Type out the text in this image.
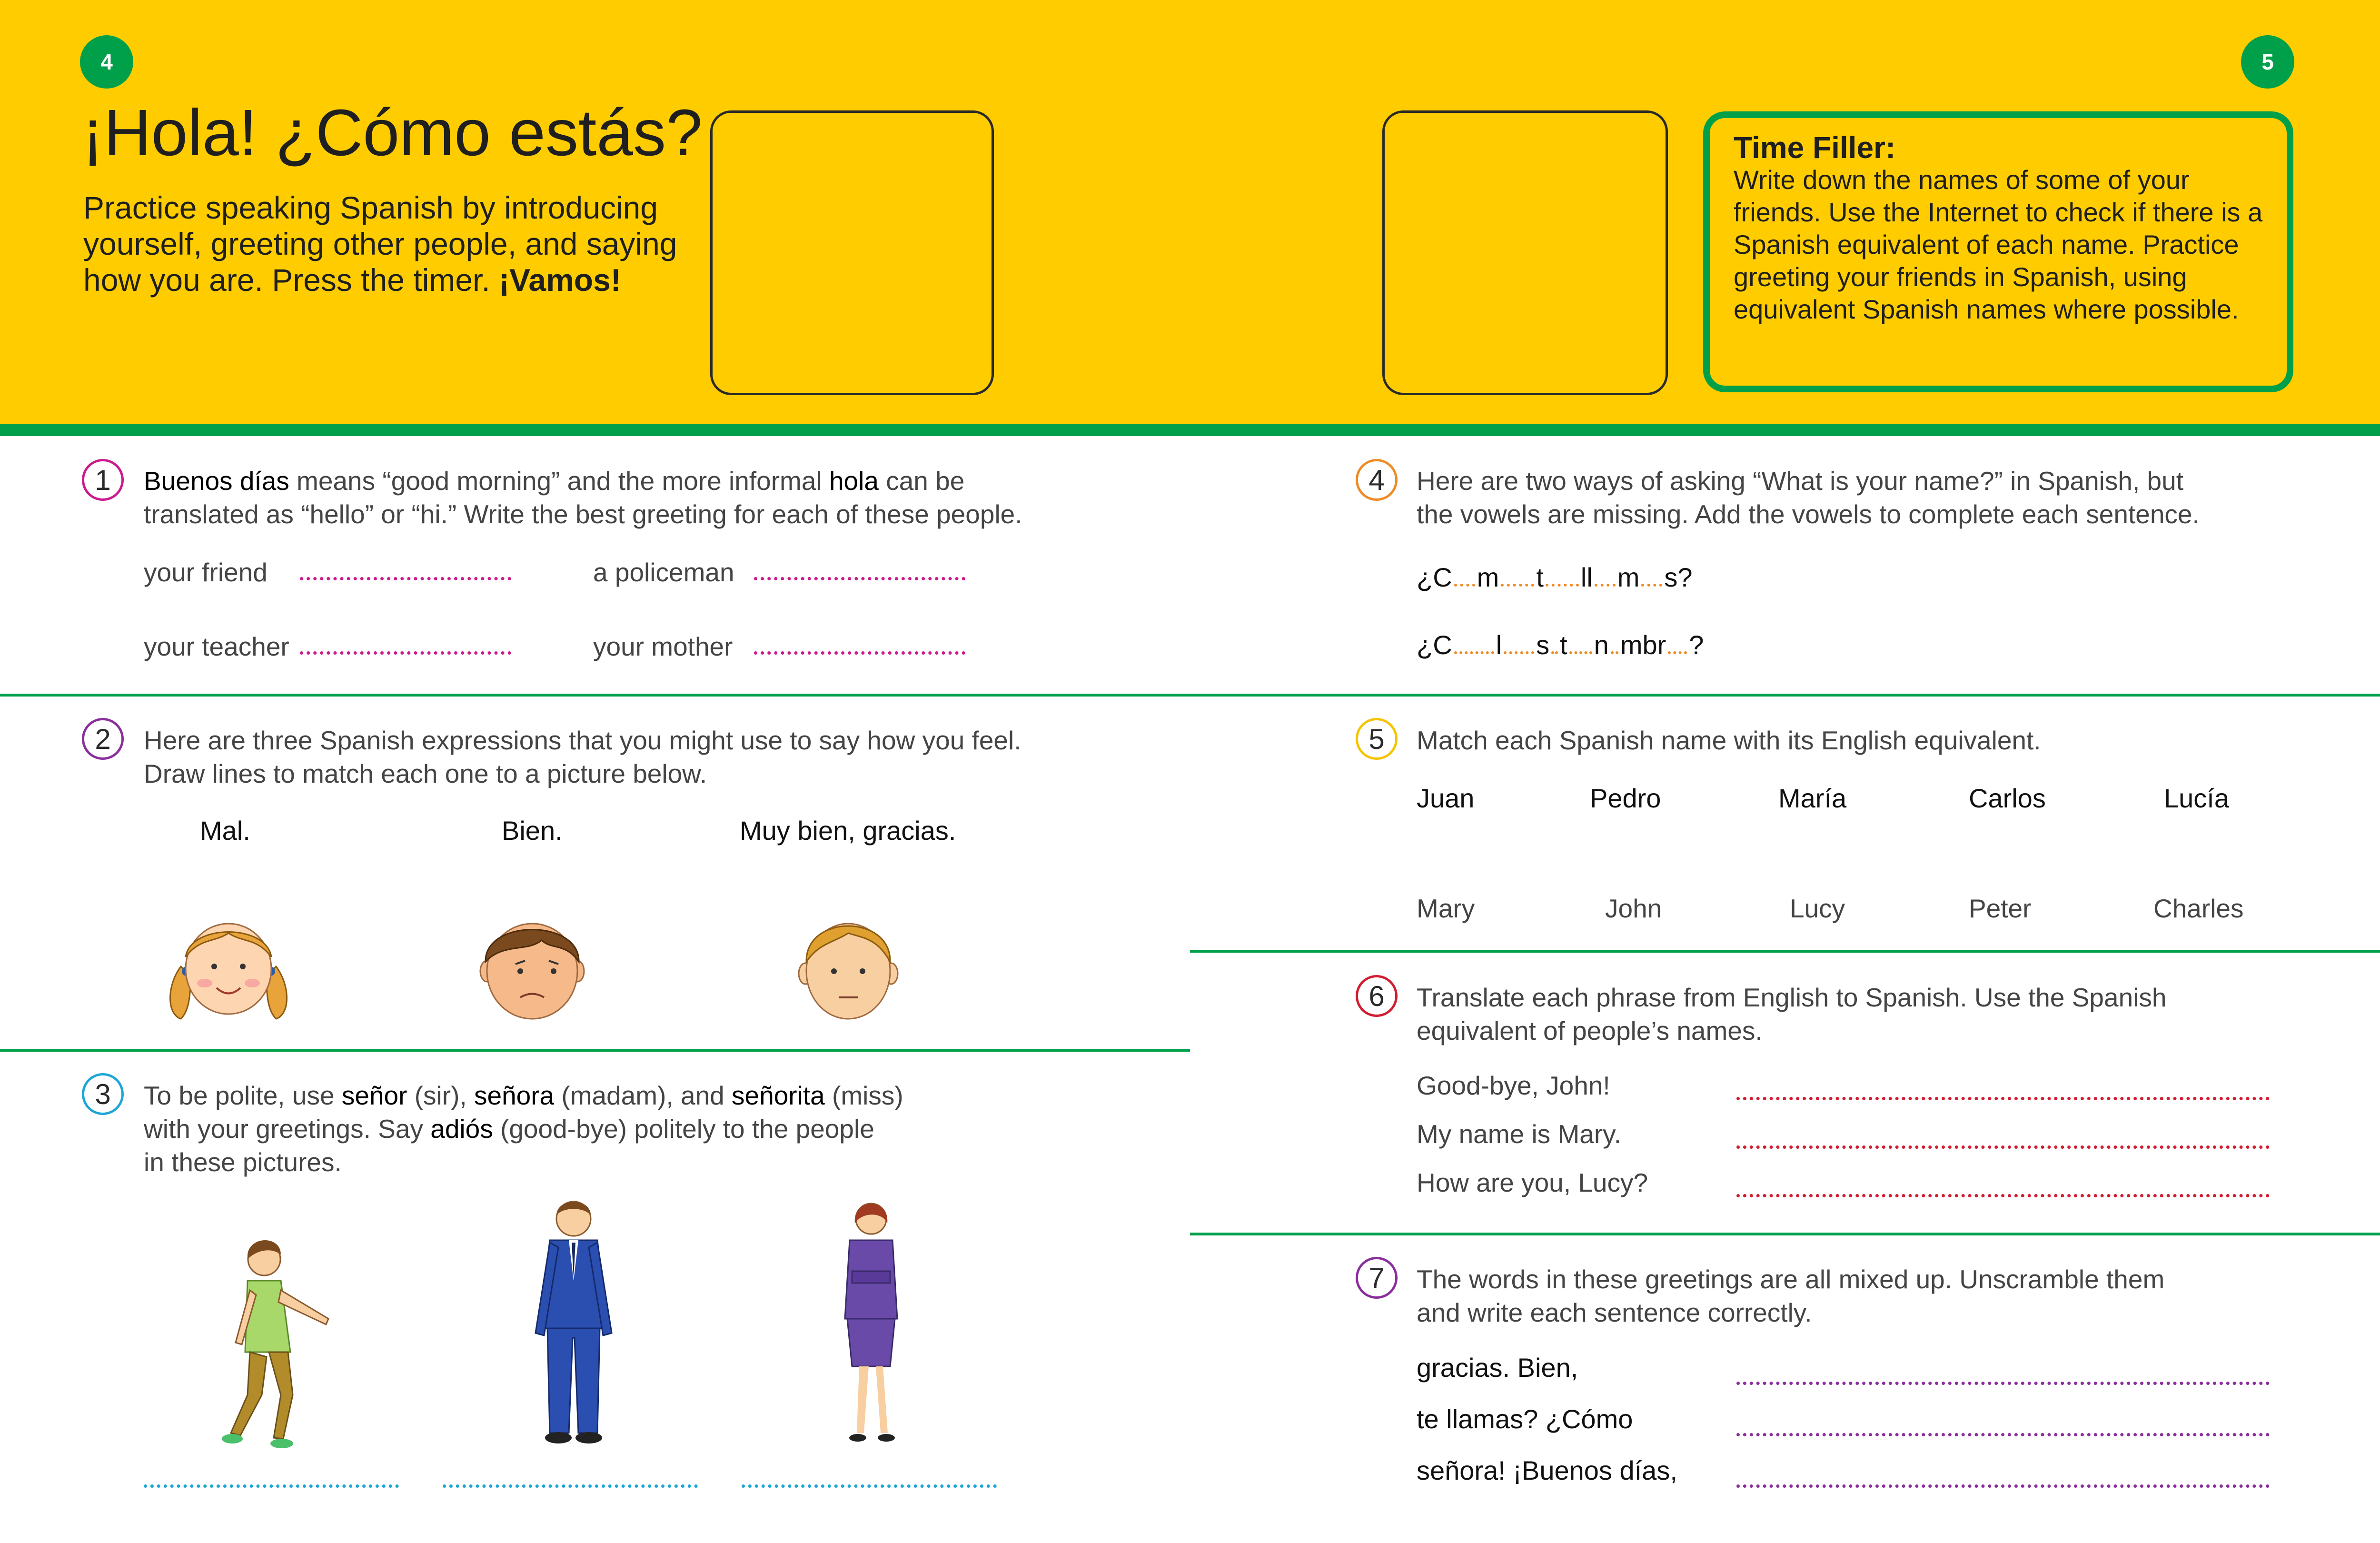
4	5
¡Hola! ¿Cómo estás?
Practice speaking Spanish by introducing yourself, greeting other people, and saying how you are. Press the timer. ¡Vamos!
Time Filler:
Write down the names of some of your friends. Use the Internet to check if there is a Spanish equivalent of each name. Practice greeting your friends in Spanish, using equivalent Spanish names where possible.
1	Buenos días means “good morning” and the more informal hola can be
translated as “hello” or “hi.” Write the best greeting for each of these people.
your friend	a policeman
your teacher	your mother
2	Here are three Spanish expressions that you might use to say how you feel.
Draw lines to match each one to a picture below.
Mal.	Bien.	Muy bien, gracias.
3	To be polite, use señor (sir), señora (madam), and señorita (miss)
with your greetings. Say adiós (good-bye) politely to the people
in these pictures.
4	Here are two ways of asking “What is your name?” in Spanish, but
the vowels are missing. Add the vowels to complete each sentence.
¿C m t ll m s?
¿C l s t n mbr ?
5	Match each Spanish name with its English equivalent.
Juan	Pedro	María	Carlos	Lucía
Mary	John	Lucy	Peter	Charles
6	Translate each phrase from English to Spanish. Use the Spanish
equivalent of people’s names.
Good-bye, John!
My name is Mary.
How are you, Lucy?
7	The words in these greetings are all mixed up. Unscramble them
and write each sentence correctly.
gracias. Bien,
te llamas? ¿Cómo
señora! ¡Buenos días,
